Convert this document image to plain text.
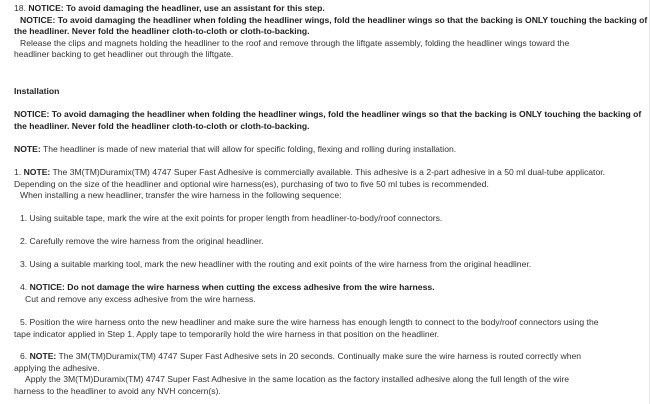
18. NOTICE: To avoid damaging the headliner, use an assistant for this step.
NOTICE: To avoid damaging the headliner when folding the headliner wings, fold the headliner wings so that the backing is ONLY touching the backing of
the headliner. Never fold the headliner cloth-to-cloth or cloth-to-backing.
Release the clips and magnets holding the headliner to the roof and remove through the liftgate assembly, folding the headliner wings toward the
headliner backing to get headliner out through the liftgate.
Installation
NOTICE: To avoid damaging the headliner when folding the headliner wings, fold the headliner wings so that the backing is ONLY touching the backing of
the headliner. Never fold the headliner cloth-to-cloth or cloth-to-backing.
NOTE: The headliner is made of new material that will allow for specific folding, flexing and rolling during installation.
1. NOTE: The 3M(TM)Duramix(TM) 4747 Super Fast Adhesive is commercially available. This adhesive is a 2-part adhesive in a 50 ml dual-tube applicator.
Depending on the size of the headliner and optional wire harness(es), purchasing of two to five 50 ml tubes is recommended.
When installing a new headliner, transfer the wire harness in the following sequence:
1. Using suitable tape, mark the wire at the exit points for proper length from headliner-to-body/roof connectors.
2. Carefully remove the wire harness from the original headliner.
3. Using a suitable marking tool, mark the new headliner with the routing and exit points of the wire harness from the original headliner.
4. NOTICE: Do not damage the wire harness when cutting the excess adhesive from the wire harness.
Cut and remove any excess adhesive from the wire harness.
5. Position the wire harness onto the new headliner and make sure the wire harness has enough length to connect to the body/roof connectors using the
tape indicator applied in Step 1. Apply tape to temporarily hold the wire harness in that position on the headliner.
6. NOTE: The 3M(TM)Duramix(TM) 4747 Super Fast Adhesive sets in 20 seconds. Continually make sure the wire harness is routed correctly when
applying the adhesive.
Apply the 3M(TM)Duramix(TM) 4747 Super Fast Adhesive in the same location as the factory installed adhesive along the full length of the wire
harness to the headliner to avoid any NVH concern(s).
